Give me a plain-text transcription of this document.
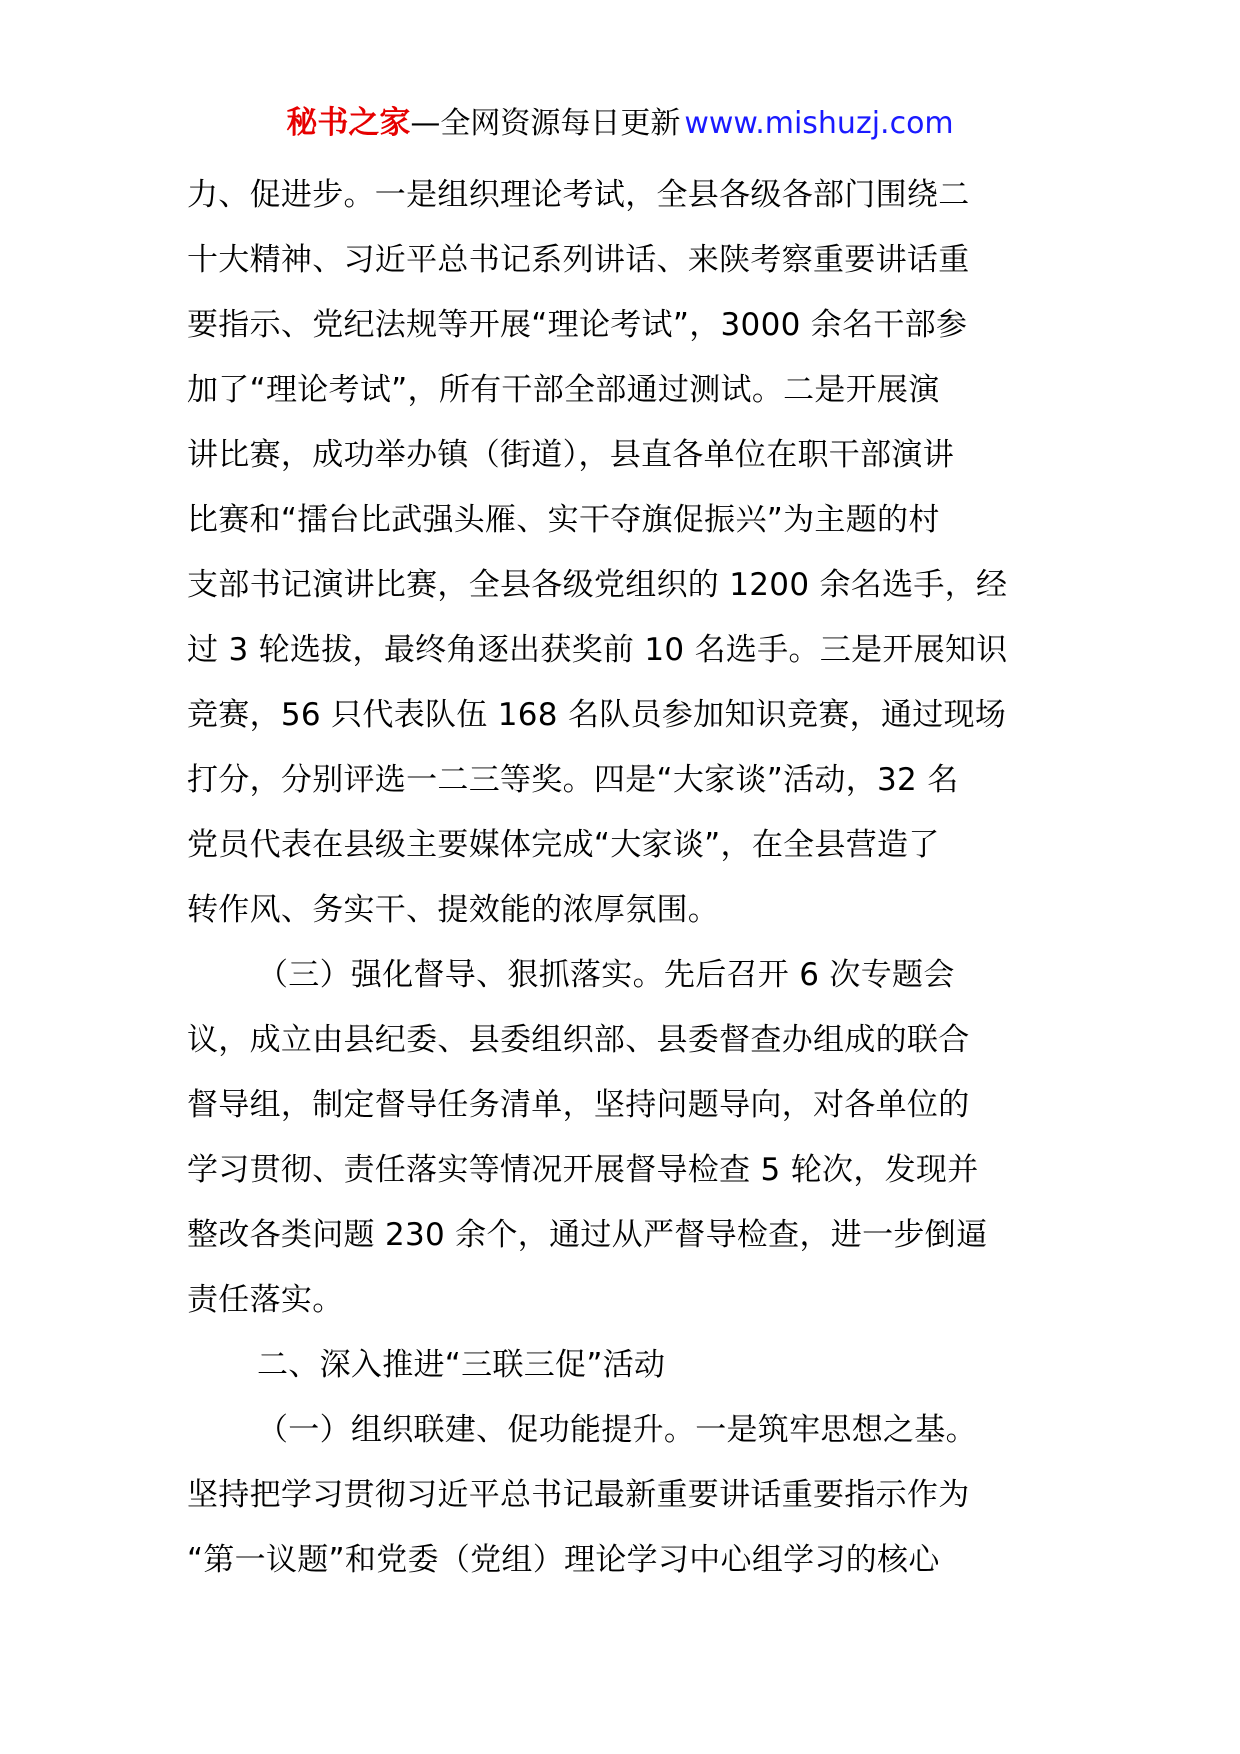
秘书之家—全网资源每日更新 www.mishuzj.com
力、促进步。一是组织理论考试，全县各级各部门围绕二
十大精神、习近平总书记系列讲话、来陕考察重要讲话重
要指示、党纪法规等开展“理论考试”，3000 余名干部参
加了“理论考试”，所有干部全部通过测试。二是开展演
讲比赛，成功举办镇（街道），县直各单位在职干部演讲
比赛和“擂台比武强头雁、实干夺旗促振兴”为主题的村
支部书记演讲比赛，全县各级党组织的 1200 余名选手，经
过 3 轮选拔，最终角逐出获奖前 10 名选手。三是开展知识
竞赛，56 只代表队伍 168 名队员参加知识竞赛，通过现场
打分，分别评选一二三等奖。四是“大家谈”活动，32 名
党员代表在县级主要媒体完成“大家谈”，在全县营造了
转作风、务实干、提效能的浓厚氛围。
（三）强化督导、狠抓落实。先后召开 6 次专题会
议，成立由县纪委、县委组织部、县委督查办组成的联合
督导组，制定督导任务清单，坚持问题导向，对各单位的
学习贯彻、责任落实等情况开展督导检查 5 轮次，发现并
整改各类问题 230 余个，通过从严督导检查，进一步倒逼
责任落实。
二、深入推进“三联三促”活动
（一）组织联建、促功能提升。一是筑牢思想之基。
坚持把学习贯彻习近平总书记最新重要讲话重要指示作为
“第一议题”和党委（党组）理论学习中心组学习的核心
